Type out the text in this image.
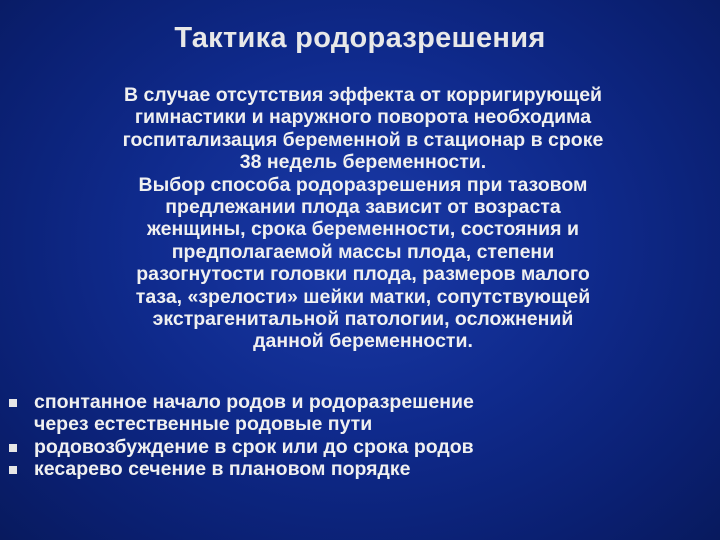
Тактика родоразрешения

В случае отсутствия эффекта от корригирующей
гимнастики и наружного поворота необходима
госпитализация беременной в стационар в сроке
38 недель беременности.

Выбор способа родоразрешения при тазовом
предлежании плода зависит от возраста
женщины, срока беременности, состояния и
предполагаемой массы плода, степени
разогнутости головки плода, размеров малого
таза, «зрелости» шейки матки, сопутствующей
экстрагенитальной патологии, осложнений
данной беременности.

спонтанное начало родов и родоразрешение
через естественные родовые пути
родовозбуждение в срок или до срока родов
кесарево сечение в плановом порядке
